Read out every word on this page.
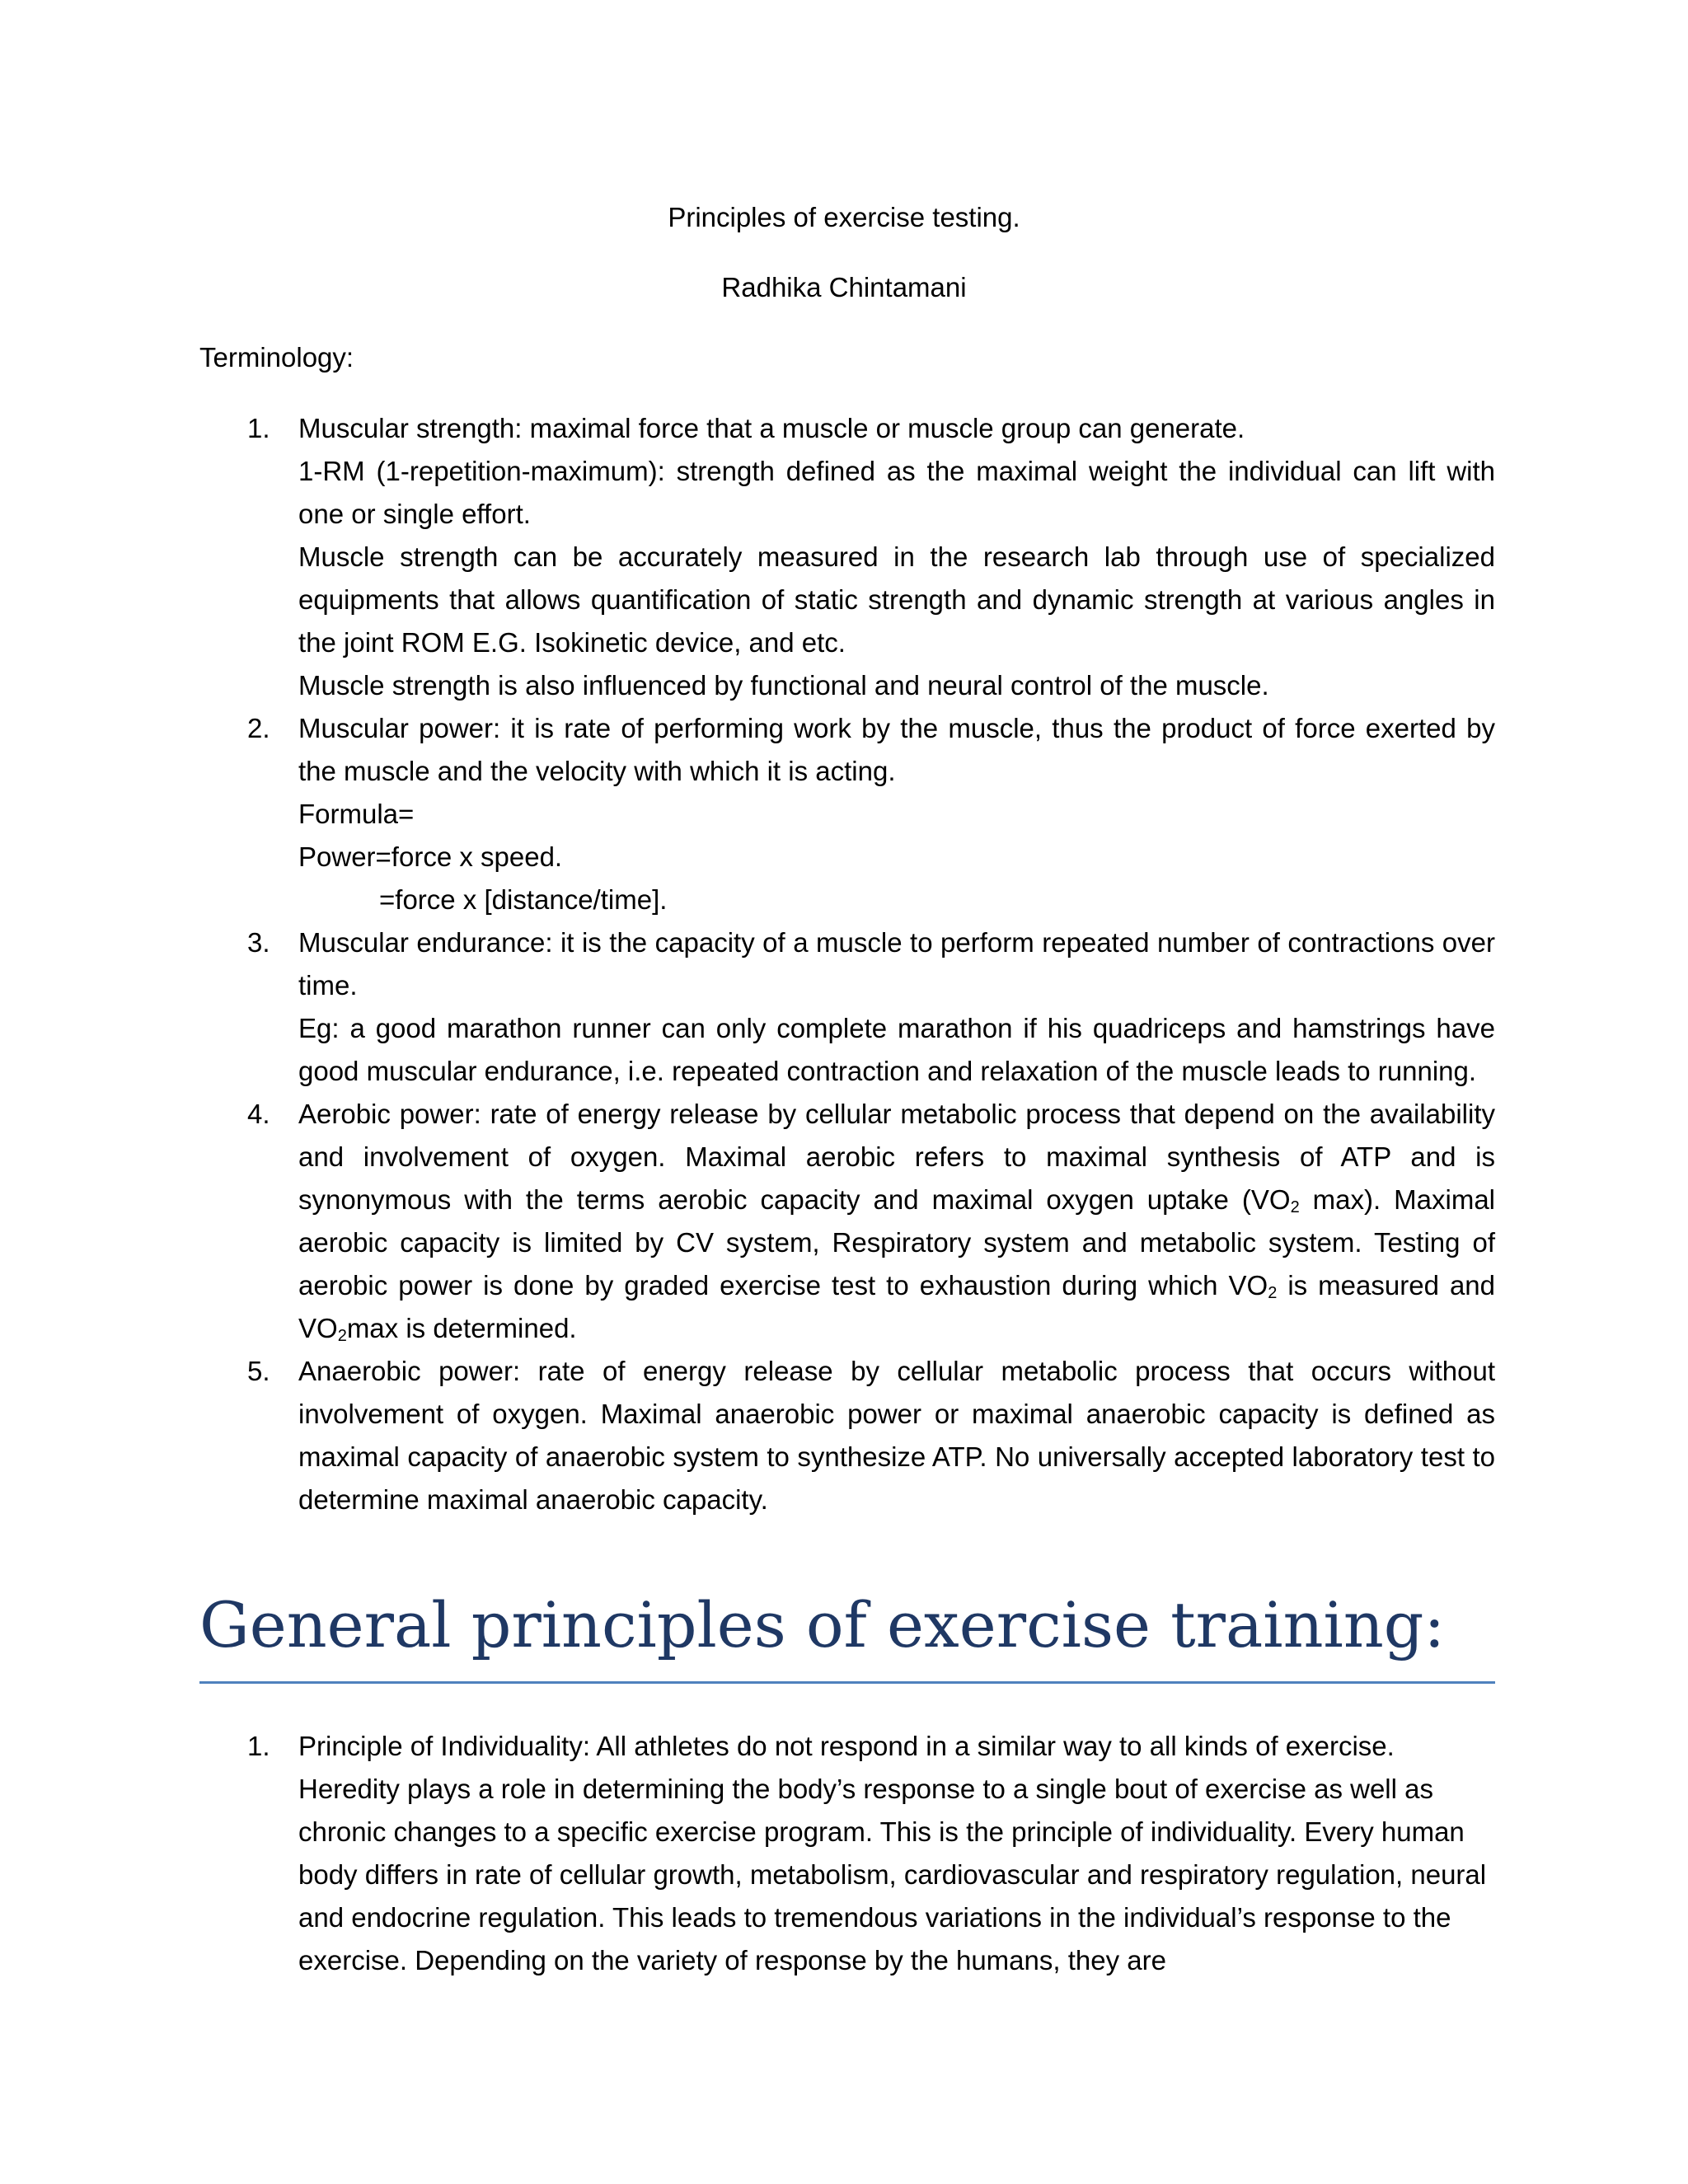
Principles of exercise testing.
Radhika Chintamani
Terminology:
1. Muscular strength: maximal force that a muscle or muscle group can generate.

1-RM (1-repetition-maximum): strength defined as the maximal weight the individual can lift with one or single effort.

Muscle strength can be accurately measured in the research lab through use of specialized equipments that allows quantification of static strength and dynamic strength at various angles in the joint ROM E.G. Isokinetic device, and etc.

Muscle strength is also influenced by functional and neural control of the muscle.

2. Muscular power: it is rate of performing work by the muscle, thus the product of force exerted by the muscle and the velocity with which it is acting.

Formula=

Power=force x speed.

=force x [distance/time].

3. Muscular endurance: it is the capacity of a muscle to perform repeated number of contractions over time.

Eg: a good marathon runner can only complete marathon if his quadriceps and hamstrings have good muscular endurance, i.e. repeated contraction and relaxation of the muscle leads to running.

4. Aerobic power: rate of energy release by cellular metabolic process that depend on the availability and involvement of oxygen. Maximal aerobic refers to maximal synthesis of ATP and is synonymous with the terms aerobic capacity and maximal oxygen uptake ($VO_2$ max). Maximal aerobic capacity is limited by CV system, Respiratory system and metabolic system. Testing of aerobic power is done by graded exercise test to exhaustion during which $VO_2$ is measured and $VO_2\max$ is determined.

5. Anaerobic power: rate of energy release by cellular metabolic process that occurs without involvement of oxygen. Maximal anaerobic power or maximal anaerobic capacity is defined as maximal capacity of anaerobic system to synthesize ATP. No universally accepted laboratory test to determine maximal anaerobic capacity.

General principles of exercise training:
1. Principle of Individuality: All athletes do not respond in a similar way to all kinds of exercise. Heredity plays a role in determining the body’s response to a single bout of exercise as well as chronic changes to a specific exercise program. This is the principle of individuality. Every human body differs in rate of cellular growth, metabolism, cardiovascular and respiratory regulation, neural and endocrine regulation. This leads to tremendous variations in the individual’s response to the exercise. Depending on the variety of response by the humans, they are
